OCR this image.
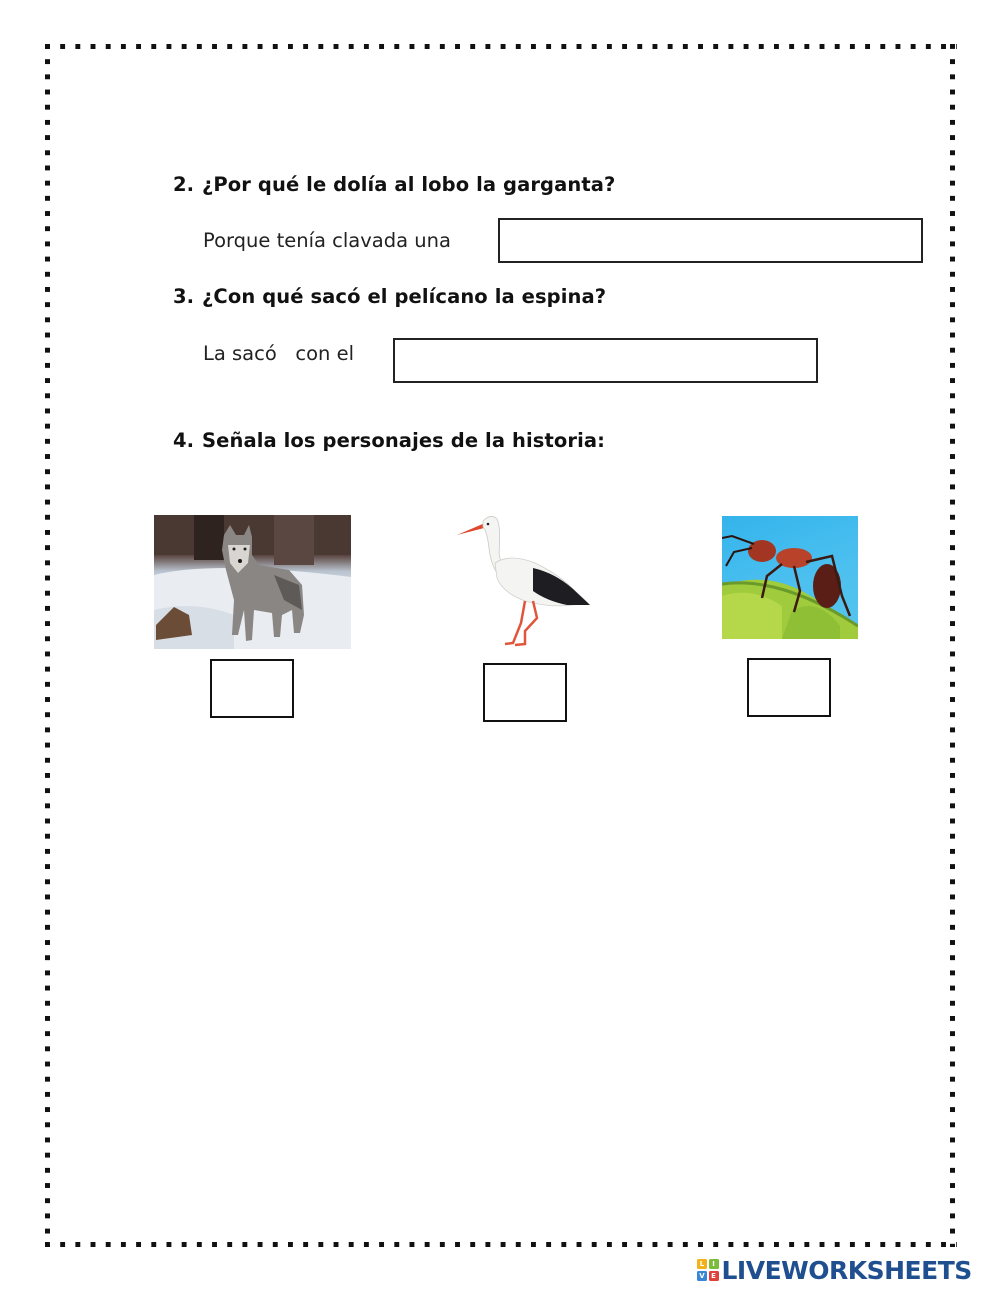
2. ¿Por qué le dolía al lobo la garganta?
Porque tenía clavada una
3. ¿Con qué sacó el pelícano la espina?
La sacó   con el
4. Señala los personajes de la historia:
L	I
V E LIVEWORKSHEETS
